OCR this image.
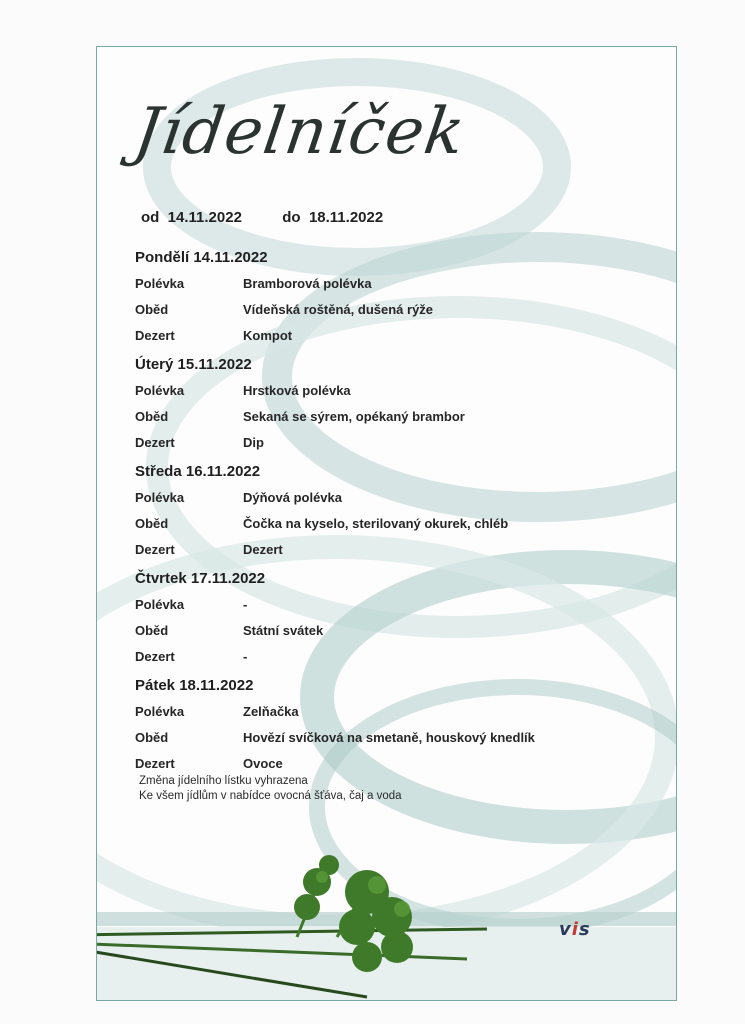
Jídelníček
od 14.11.2022	do 18.11.2022
Pondělí 14.11.2022
Polévka	Bramborová polévka
Oběd	Vídeňská roštěná, dušená rýže
Dezert	Kompot
Úterý 15.11.2022
Polévka	Hrstková polévka
Oběd	Sekaná se sýrem, opékaný brambor
Dezert	Dip
Středa 16.11.2022
Polévka	Dýňová polévka
Oběd	Čočka na kyselo, sterilovaný okurek, chléb
Dezert	Dezert
Čtvrtek 17.11.2022
Polévka	-
Oběd	Státní svátek
Dezert	-
Pátek 18.11.2022
Polévka	Zelňačka
Oběd	Hovězí svíčková na smetaně, houskový knedlík
Dezert	Ovoce
Změna jídelního lístku vyhrazena
Ke všem jídlům v nabídce ovocná šťáva, čaj a voda
vis
